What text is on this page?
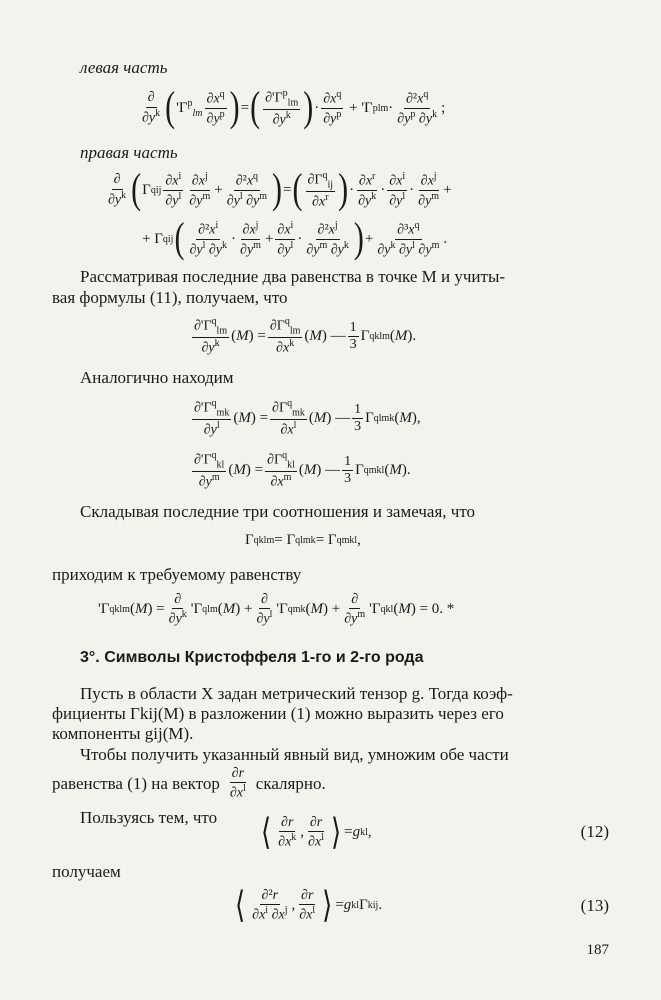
левая часть
$\frac{\partial}{\partial y^k}$ ( '$\Gamma^p_{lm} \frac{\partial x^q}{\partial y^p}$ ) = ( $\frac{\partial'\Gamma^p_{lm}}{\partial y^k}$ ) · $\frac{\partial x^q}{\partial y^p}$ + 'Γ p lm · $\frac{\partial^2x^q}{\partial y^p \partial y^k}$ ;
правая часть
$\frac{\partial}{\partial y^k}$ ( Γ q ij $\frac{\partial x^i}{\partial y^l} \frac{\partial x^j}{\partial y^m} + \frac{\partial^2x^q}{\partial y^l \partial y^m}$ ) = ( $\frac{\partial\Gamma^q_{ij}}{\partial x^r}$ ) · $\frac{\partial x^r}{\partial y^k} \cdot \frac{\partial x^i}{\partial y^l} \cdot \frac{\partial x^j}{\partial y^m}$ +
+ Γ q ij ( $\frac{\partial^2x^i}{\partial y^l \partial y^k} \cdot \frac{\partial x^j}{\partial y^m} + \frac{\partial x^i}{\partial y^l} \cdot \frac{\partial^2x^j}{\partial y^m \partial y^k}$ ) + $\frac{\partial^3x^q}{\partial y^k \partial y^l \partial y^m}$ .
Рассматривая последние два равенства в точке М и учиты-
вая формулы (11), получаем, что
$\frac{\partial'\Gamma^q_{lm}}{\partial y^k}$ ( M ) = $\frac{\partial\Gamma^q_{lm}}{\partial x^k}$ ( M ) — $\frac{1}{3}$ Γ q klm ( M ).
Аналогично находим
$\frac{\partial'\Gamma^q_{mk}}{\partial y^l}$ ( M ) = $\frac{\partial\Gamma^q_{mk}}{\partial x^l}$ ( M ) — $\frac{1}{3}$ Γ q lmk ( M ),
$\frac{\partial'\Gamma^q_{kl}}{\partial y^m}$ ( M ) = $\frac{\partial\Gamma^q_{kl}}{\partial x^m}$ ( M ) — $\frac{1}{3}$ Γ q mkl ( M ).
Складывая последние три соотношения и замечая, что
Γ q klm = Γ q lmk = Γ q mkl ,
приходим к требуемому равенству
'Γ q klm ( M ) = $\frac{\partial}{\partial y^k}$ 'Γ q lm ( M ) + $\frac{\partial}{\partial y^l}$ 'Γ q mk ( M ) + $\frac{\partial}{\partial y^m}$ 'Γ q kl ( M ) = 0. *
3°. Символы Кристоффеля 1-го и 2-го рода
Пусть в области X задан метрический тензор g. Тогда коэф-
фициенты Γkij(M) в разложении (1) можно выразить через его
компоненты gij(M).
Чтобы получить указанный явный вид, умножим обе части
равенства (1) на вектор $\frac{\partial r}{\partial x^l}$ скалярно.
Пользуясь тем, что ⟨ $\frac{\partial r}{\partial x^k}$ , $\frac{\partial r}{\partial x^l}$ ⟩ = g kl ,	(12)
получаем
⟨ $\frac{\text{∂²r}}{\partial x^i \partial x^j}$ , $\frac{\partial r}{\partial x^l}$ ⟩ = g kl Γ k ij .	(13)
187
